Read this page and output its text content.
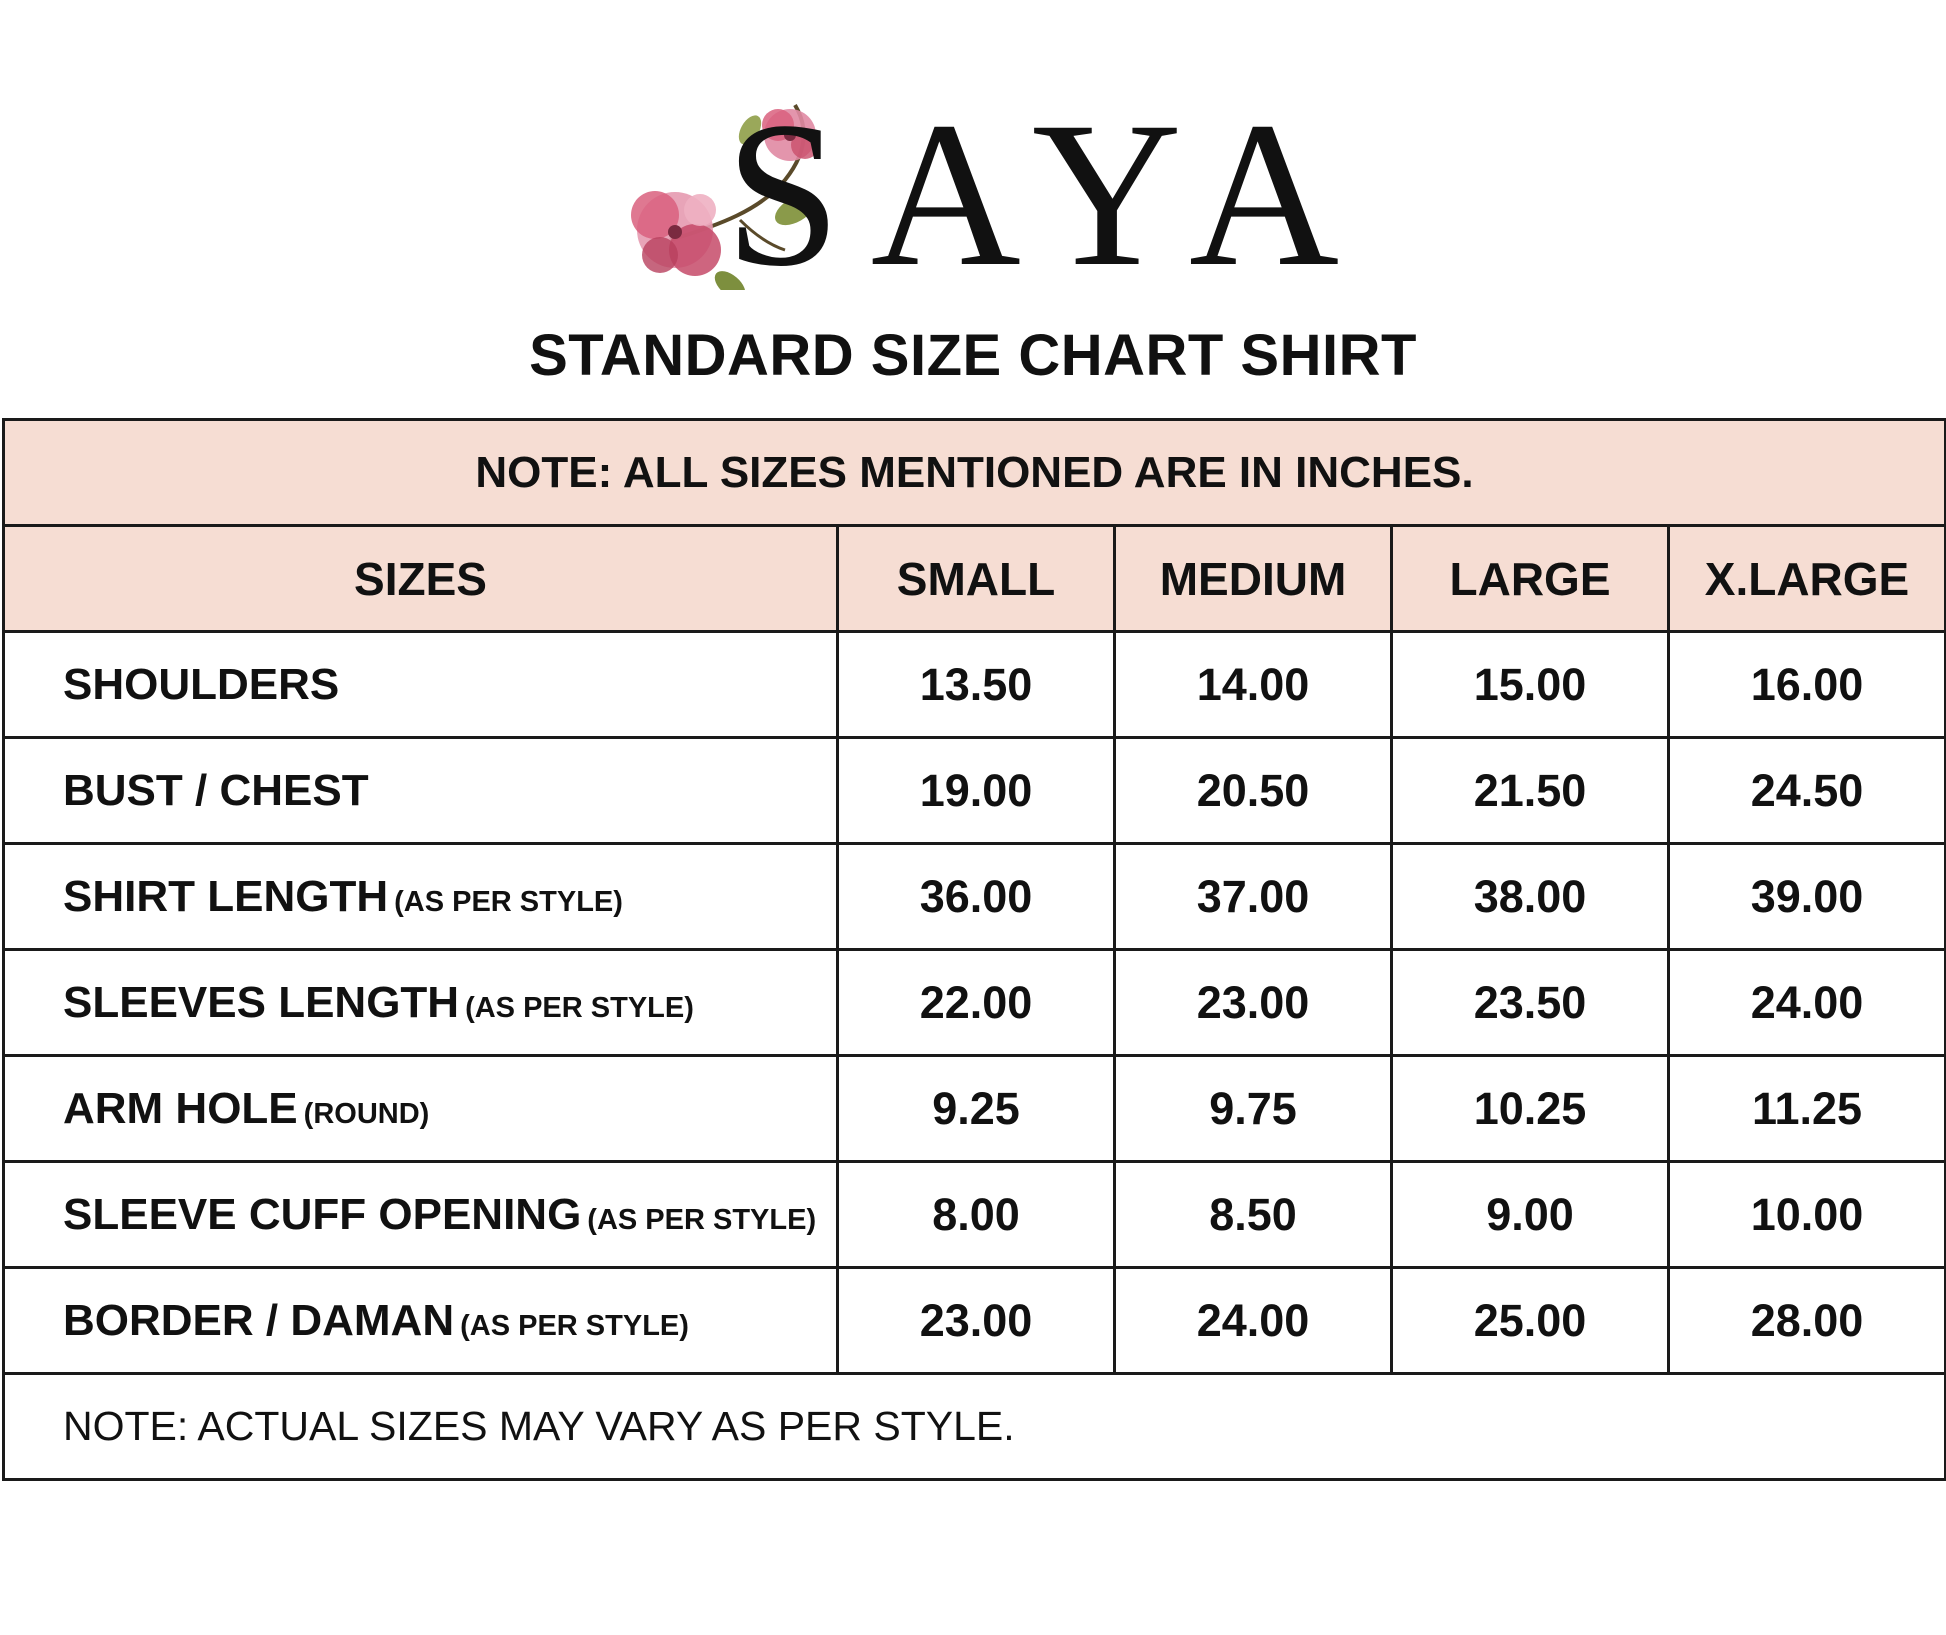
SAYA
STANDARD SIZE CHART SHIRT
NOTE: ALL SIZES MENTIONED ARE IN INCHES.				
SIZES	SMALL	MEDIUM	LARGE	X.LARGE
SHOULDERS	13.50	14.00	15.00	16.00
BUST / CHEST	19.00	20.50	21.50	24.50
SHIRT LENGTH (AS PER STYLE)	36.00	37.00	38.00	39.00
SLEEVES LENGTH (AS PER STYLE)	22.00	23.00	23.50	24.00
ARM HOLE (ROUND)	9.25	9.75	10.25	11.25
SLEEVE CUFF OPENING (AS PER STYLE)	8.00	8.50	9.00	10.00
BORDER / DAMAN (AS PER STYLE)	23.00	24.00	25.00	28.00
NOTE: ACTUAL SIZES MAY VARY AS PER STYLE.				
